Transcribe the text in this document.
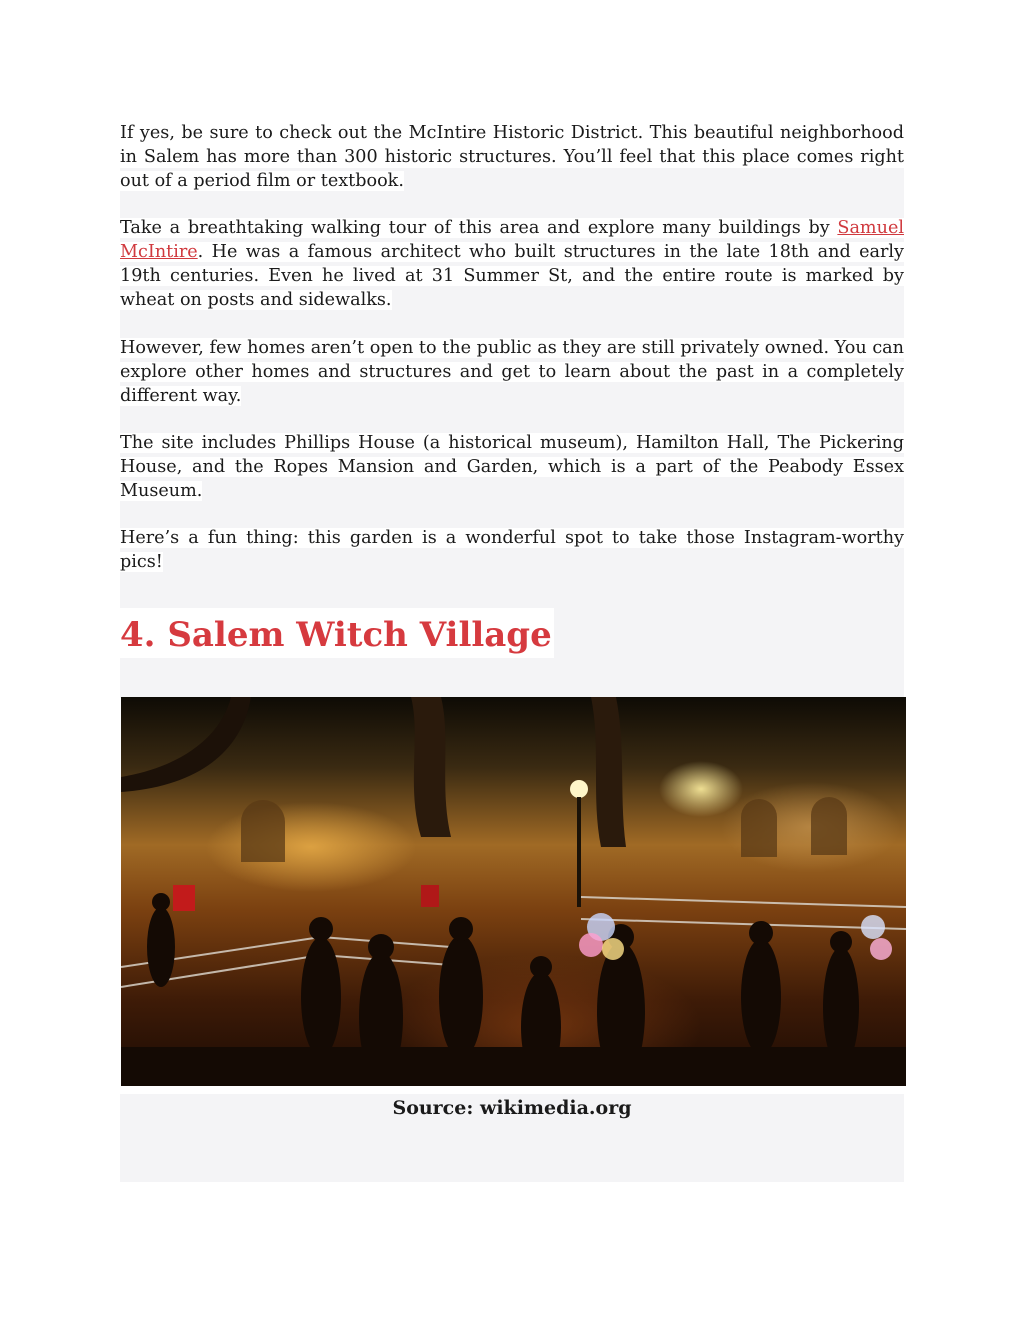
If yes, be sure to check out the McIntire Historic District. This beautiful neighborhood in Salem has more than 300 historic structures. You’ll feel that this place comes right out of a period film or textbook.

Take a breathtaking walking tour of this area and explore many buildings by Samuel McIntire. He was a famous architect who built structures in the late 18th and early 19th centuries. Even he lived at 31 Summer St, and the entire route is marked by wheat on posts and sidewalks.

However, few homes aren’t open to the public as they are still privately owned. You can explore other homes and structures and get to learn about the past in a completely different way.

The site includes Phillips House (a historical museum), Hamilton Hall, The Pickering House, and the Ropes Mansion and Garden, which is a part of the Peabody Essex Museum.

Here’s a fun thing: this garden is a wonderful spot to take those Instagram-worthy pics!

4. Salem Witch Village

Source: wikimedia.org
